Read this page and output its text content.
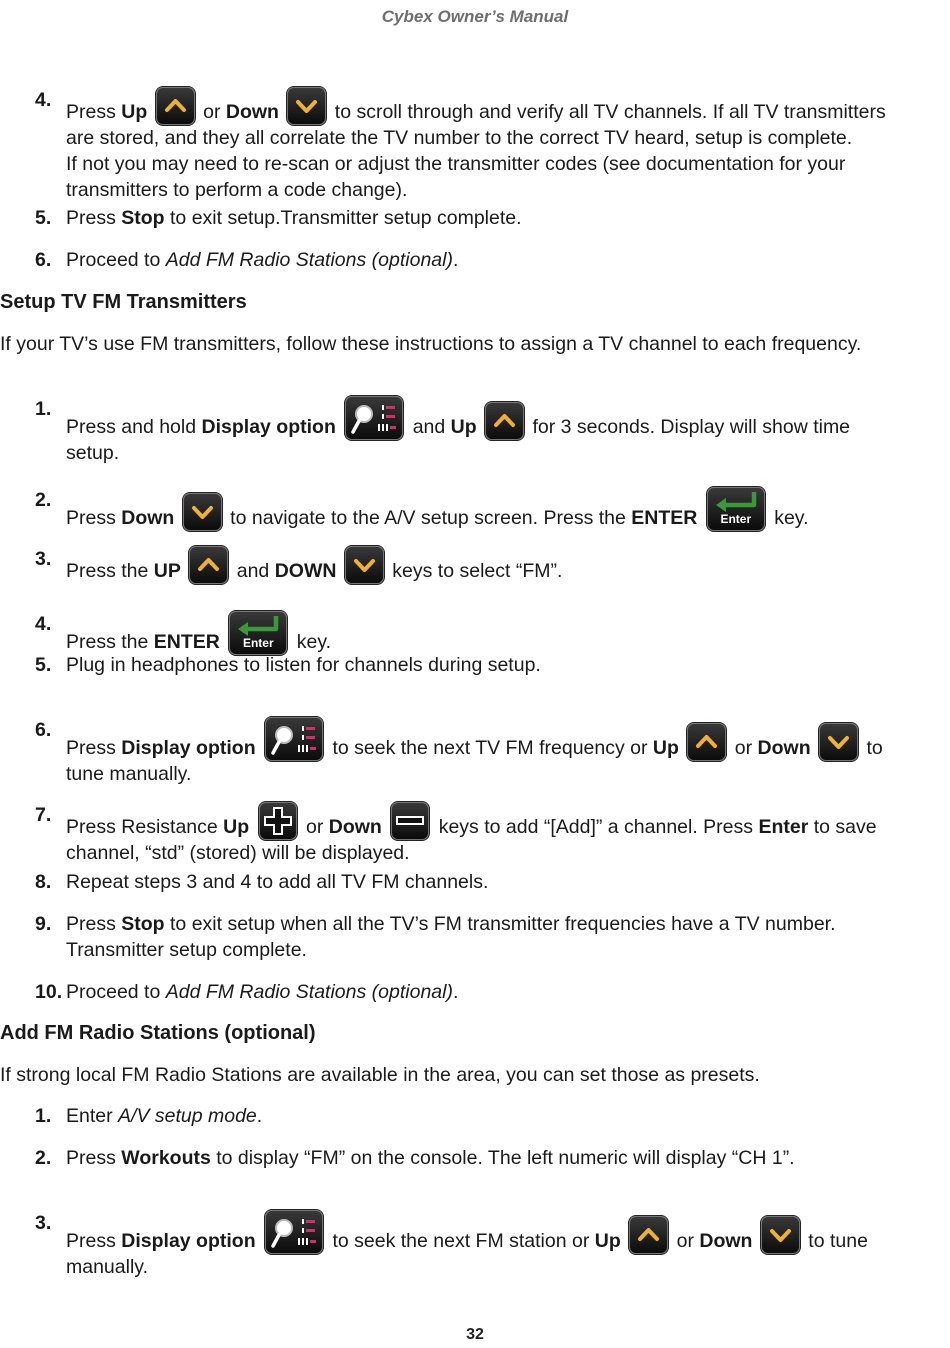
Cybex Owner’s Manual
4.
Press Up	or Down	to scroll through and verify all TV channels. If all TV transmitters
are stored, and they all correlate the TV number to the correct TV heard, setup is complete.
If not you may need to re-scan or adjust the transmitter codes (see documentation for your
transmitters to perform a code change).
5. Press Stop to exit setup.Transmitter setup complete.
6. Proceed to Add FM Radio Stations (optional).
Setup TV FM Transmitters
If your TV’s use FM transmitters, follow these instructions to assign a TV channel to each frequency.
1.
Press and hold Display option	and Up	for 3 seconds. Display will show time
setup.
2.
Press Down	to navigate to the A/V setup screen. Press the ENTER	Enter key.
3.
Press the UP	and DOWN	keys to select “FM”.
4.
Press the ENTER	Enter key.
5. Plug in headphones to listen for channels during setup.
6.
Press Display option	to seek the next TV FM frequency or Up	or Down	to
tune manually.
7.
Press Resistance Up	or Down	keys to add “[Add]” a channel. Press Enter to save
channel, “std” (stored) will be displayed.
8. Repeat steps 3 and 4 to add all TV FM channels.
9. Press Stop to exit setup when all the TV’s FM transmitter frequencies have a TV number.
Transmitter setup complete.
10. Proceed to Add FM Radio Stations (optional).
Add FM Radio Stations (optional)
If strong local FM Radio Stations are available in the area, you can set those as presets.
1. Enter A/V setup mode.
2. Press Workouts to display “FM” on the console. The left numeric will display “CH 1”.
3.
Press Display option	to seek the next FM station or Up	or Down	to tune
manually.
32
